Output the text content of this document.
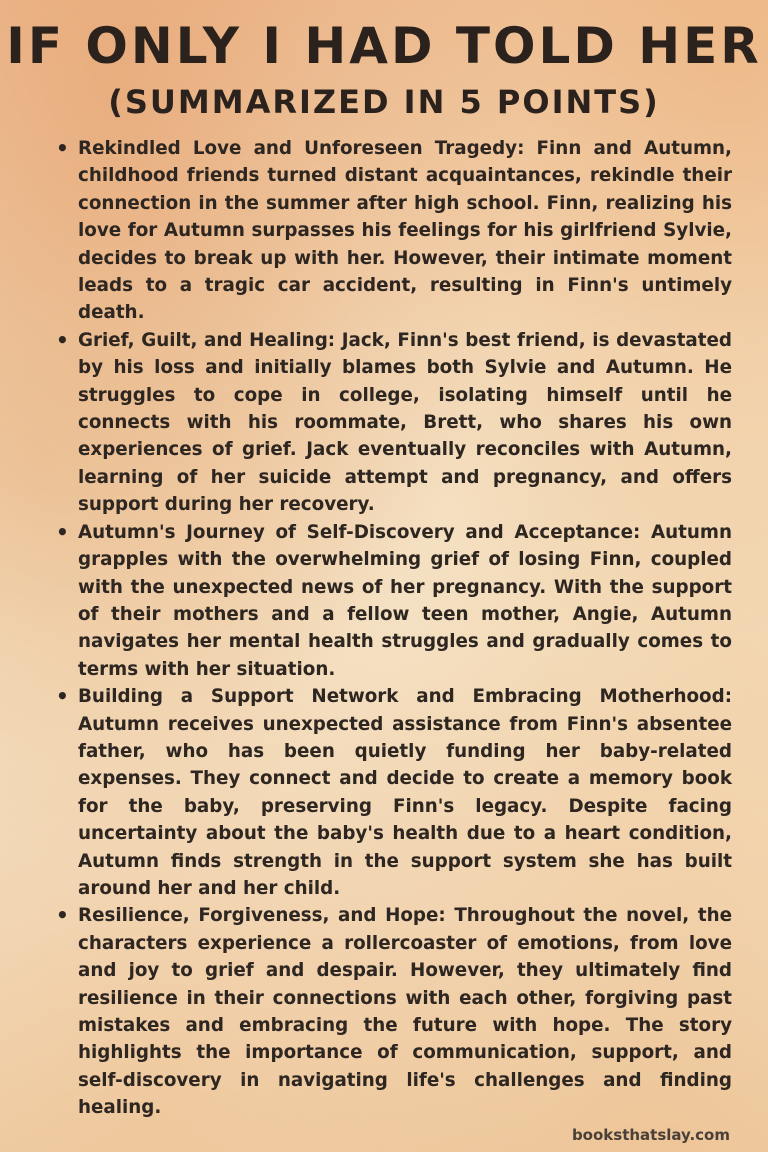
IF ONLY I HAD TOLD HER
(SUMMARIZED IN 5 POINTS)
• Rekindled Love and Unforeseen Tragedy: Finn and Autumn, childhood friends turned distant acquaintances, rekindle their connection in the summer after high school. Finn, realizing his love for Autumn surpasses his feelings for his girlfriend Sylvie, decides to break up with her. However, their intimate moment leads to a tragic car accident, resulting in Finn's untimely death.
• Grief, Guilt, and Healing: Jack, Finn's best friend, is devastated by his loss and initially blames both Sylvie and Autumn. He struggles to cope in college, isolating himself until he connects with his roommate, Brett, who shares his own experiences of grief. Jack eventually reconciles with Autumn, learning of her suicide attempt and pregnancy, and offers support during her recovery.
• Autumn's Journey of Self-Discovery and Acceptance: Autumn grapples with the overwhelming grief of losing Finn, coupled with the unexpected news of her pregnancy. With the support of their mothers and a fellow teen mother, Angie, Autumn navigates her mental health struggles and gradually comes to terms with her situation.
• Building a Support Network and Embracing Motherhood: Autumn receives unexpected assistance from Finn's absentee father, who has been quietly funding her baby-related expenses. They connect and decide to create a memory book for the baby, preserving Finn's legacy. Despite facing uncertainty about the baby's health due to a heart condition, Autumn finds strength in the support system she has built around her and her child.
• Resilience, Forgiveness, and Hope: Throughout the novel, the characters experience a rollercoaster of emotions, from love and joy to grief and despair. However, they ultimately find resilience in their connections with each other, forgiving past mistakes and embracing the future with hope. The story highlights the importance of communication, support, and self-discovery in navigating life's challenges and finding healing.
booksthatslay.com
